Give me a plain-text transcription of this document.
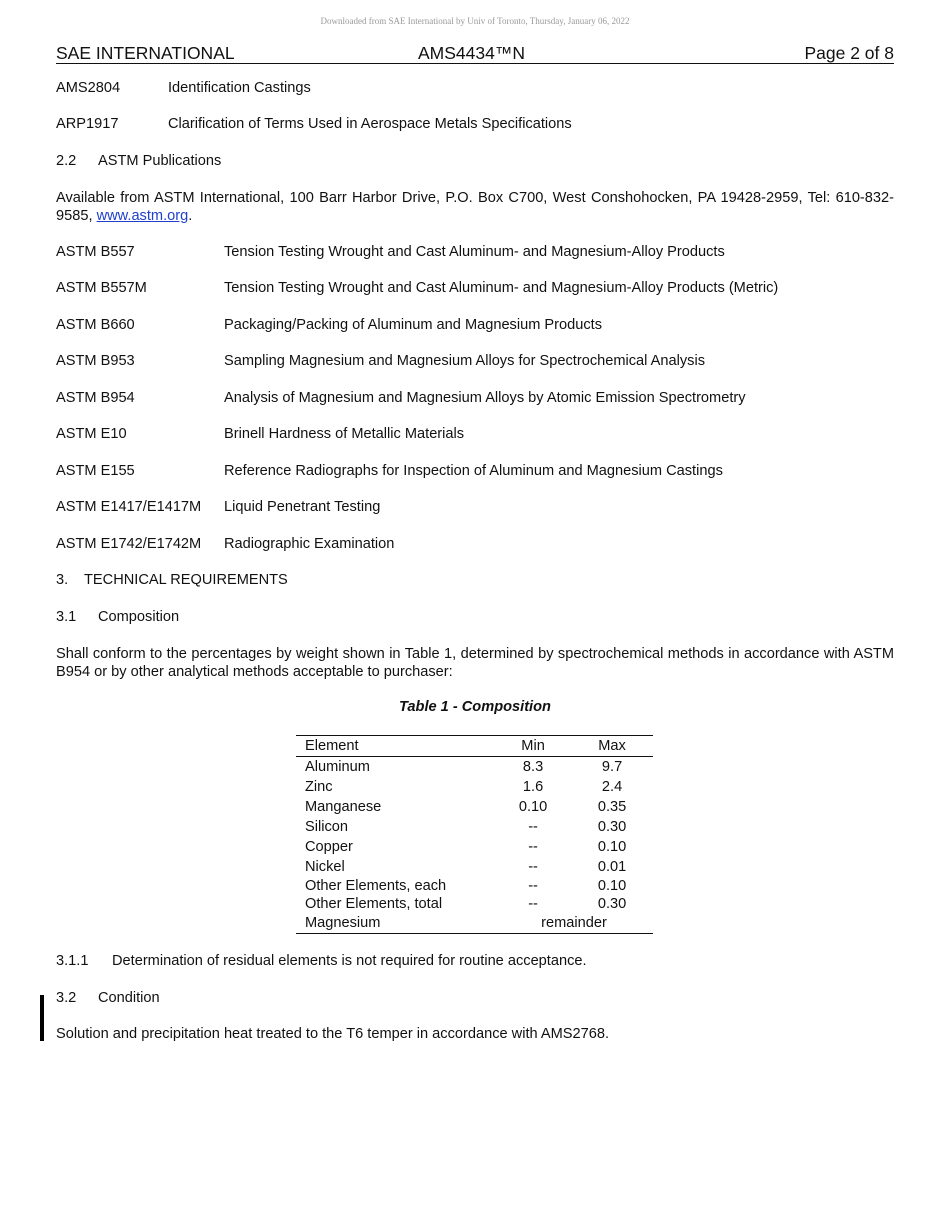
Downloaded from SAE International by Univ of Toronto, Thursday, January 06, 2022
SAE INTERNATIONAL	AMS4434™N	Page 2 of 8
AMS2804	Identification Castings
ARP1917	Clarification of Terms Used in Aerospace Metals Specifications
2.2 ASTM Publications
Available from ASTM International, 100 Barr Harbor Drive, P.O. Box C700, West Conshohocken, PA 19428-2959, Tel: 610-832-9585, www.astm.org.
ASTM B557	Tension Testing Wrought and Cast Aluminum- and Magnesium-Alloy Products
ASTM B557M	Tension Testing Wrought and Cast Aluminum- and Magnesium-Alloy Products (Metric)
ASTM B660	Packaging/Packing of Aluminum and Magnesium Products
ASTM B953	Sampling Magnesium and Magnesium Alloys for Spectrochemical Analysis
ASTM B954	Analysis of Magnesium and Magnesium Alloys by Atomic Emission Spectrometry
ASTM E10	Brinell Hardness of Metallic Materials
ASTM E155	Reference Radiographs for Inspection of Aluminum and Magnesium Castings
ASTM E1417/E1417M Liquid Penetrant Testing
ASTM E1742/E1742M Radiographic Examination
3. TECHNICAL REQUIREMENTS
3.1 Composition
Shall conform to the percentages by weight shown in Table 1, determined by spectrochemical methods in accordance with ASTM B954 or by other analytical methods acceptable to purchaser:
Table 1 - Composition
Element	Min	Max
Aluminum	8.3	9.7
Zinc	1.6	2.4
Manganese	0.10	0.35
Silicon	--	0.30
Copper	--	0.10
Nickel	--	0.01
Other Elements, each	--	0.10
Other Elements, total	--	0.30
Magnesium	remainder	
3.1.1 Determination of residual elements is not required for routine acceptance.
3.2 Condition
Solution and precipitation heat treated to the T6 temper in accordance with AMS2768.
